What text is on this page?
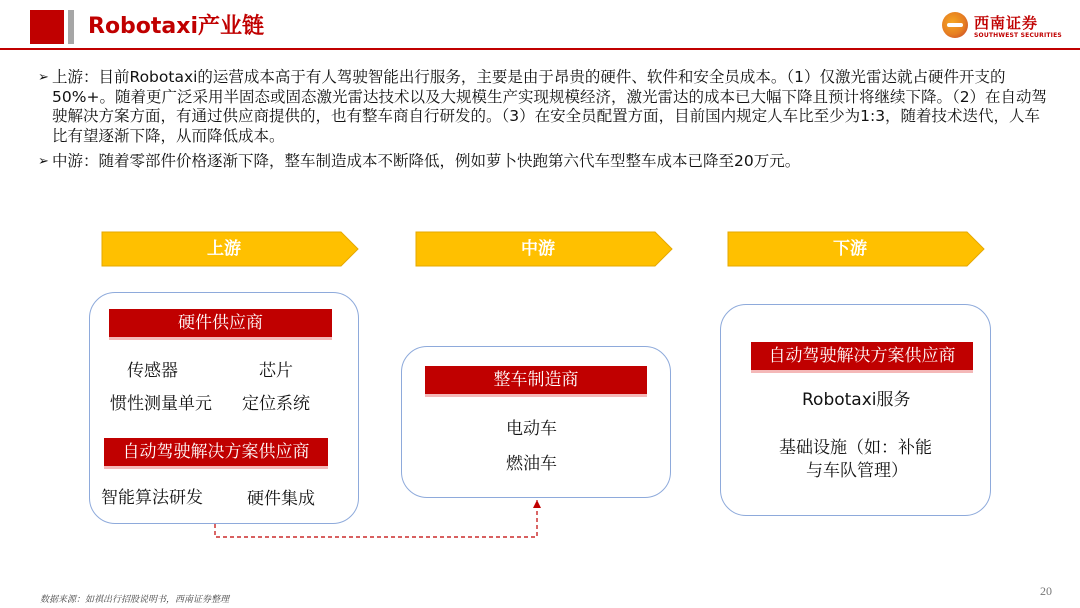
Robotaxi产业链	西南证券
SOUTHWEST SECURITIES
➢ 上游：目前Robotaxi的运营成本高于有人驾驶智能出行服务，主要是由于昂贵的硬件、软件和安全员成本。（1）仅激光雷达就占硬件开支的50%+。随着更广泛采用半固态或固态激光雷达技术以及大规模生产实现规模经济，激光雷达的成本已大幅下降且预计将继续下降。（2）在自动驾驶解决方案方面，有通过供应商提供的，也有整车商自行研发的。（3）在安全员配置方面，目前国内规定人车比至少为1:3，随着技术迭代，人车比有望逐渐下降，从而降低成本。
➢ 中游：随着零部件价格逐渐下降，整车制造成本不断降低，例如萝卜快跑第六代车型整车成本已降至20万元。
上游	中游	下游
硬件供应商
传感器	芯片
惯性测量单元 定位系统
自动驾驶解决方案供应商
智能算法研发	硬件集成
整车制造商
电动车
燃油车
自动驾驶解决方案供应商
Robotaxi服务
基础设施（如：补能
与车队管理）
数据来源：如祺出行招股说明书，西南证券整理
20
